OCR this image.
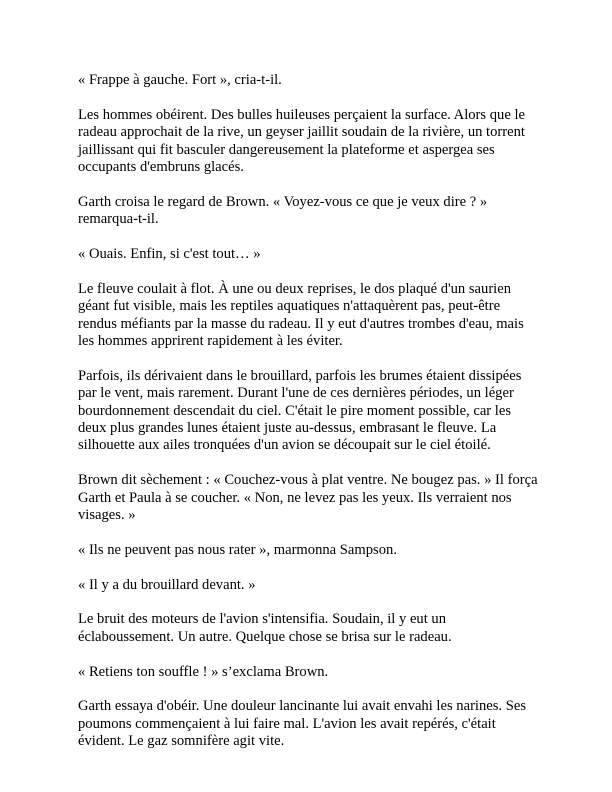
« Frappe à gauche. Fort », cria-t-il.

Les hommes obéirent. Des bulles huileuses perçaient la surface. Alors que le radeau approchait de la rive, un geyser jaillit soudain de la rivière, un torrent jaillissant qui fit basculer dangereusement la plateforme et aspergea ses occupants d'embruns glacés.

Garth croisa le regard de Brown. « Voyez-vous ce que je veux dire ? » remarqua-t-il.

« Ouais. Enfin, si c'est tout… »

Le fleuve coulait à flot. À une ou deux reprises, le dos plaqué d'un saurien géant fut visible, mais les reptiles aquatiques n'attaquèrent pas, peut-être rendus méfiants par la masse du radeau. Il y eut d'autres trombes d'eau, mais les hommes apprirent rapidement à les éviter.

Parfois, ils dérivaient dans le brouillard, parfois les brumes étaient dissipées par le vent, mais rarement. Durant l'une de ces dernières périodes, un léger bourdonnement descendait du ciel. C'était le pire moment possible, car les deux plus grandes lunes étaient juste au-dessus, embrasant le fleuve. La silhouette aux ailes tronquées d'un avion se découpait sur le ciel étoilé.

Brown dit sèchement : « Couchez-vous à plat ventre. Ne bougez pas. » Il força Garth et Paula à se coucher. « Non, ne levez pas les yeux. Ils verraient nos visages. »

« Ils ne peuvent pas nous rater », marmonna Sampson.

« Il y a du brouillard devant. »

Le bruit des moteurs de l'avion s'intensifia. Soudain, il y eut un éclaboussement. Un autre. Quelque chose se brisa sur le radeau.

« Retiens ton souffle ! » s’exclama Brown.

Garth essaya d'obéir. Une douleur lancinante lui avait envahi les narines. Ses poumons commençaient à lui faire mal. L'avion les avait repérés, c'était évident. Le gaz somnifère agit vite.
